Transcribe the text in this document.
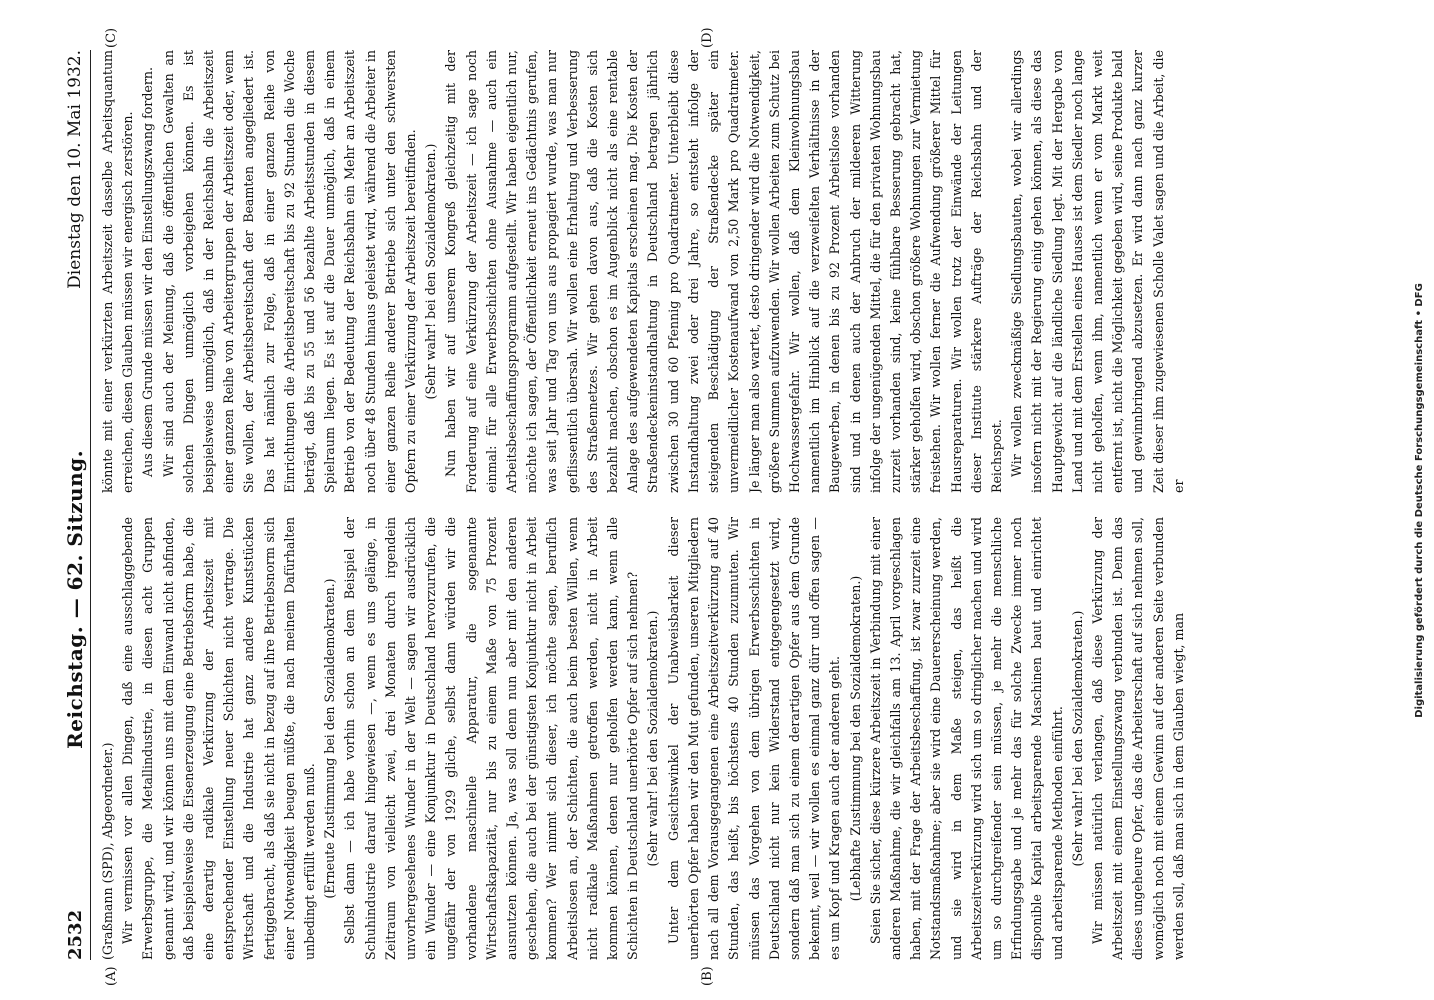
2532
Reichstag. — 62. Sitzung.
Dienstag den 10. Mai 1932.

(Graßmann (SPD), Abgeordneter.) Wir vermissen vor allen Dingen, daß eine ausschlaggebende Erwerbsgruppe, die Metallindustrie, in diesen acht Gruppen genannt wird, und wir können uns mit dem Einwand nicht abfinden, daß beispielsweise die Eisenerzeugung eine Betriebsform habe, die eine derartig radikale Verkürzung der Arbeitszeit mit entsprechender Einstellung neuer Schichten nicht vertrage. Die Wirtschaft und die Industrie hat ganz andere Kunststücken fertiggebracht, als daß sie nicht in bezug auf ihre Betriebsnorm sich einer Notwendigkeit beugen müßte, die nach meinem Dafürhalten unbedingt erfüllt werden muß. (Erneute Zustimmung bei den Sozialdemokraten.) Selbst dann — ich habe vorhin schon an dem Beispiel der Schuhindustrie darauf hingewiesen —, wenn es uns gelänge, in Zeitraum von vielleicht zwei, drei Monaten durch irgendein unvorhergesehenes Wunder in der Welt — sagen wir ausdrücklich ein Wunder — eine Konjunktur in Deutschland hervorzurufen, die ungefähr der von 1929 gliche, selbst dann würden wir die vorhandene maschinelle Apparatur, die sogenannte Wirtschaftskapazität, nur bis zu einem Maße von 75 Prozent ausnutzen können. Ja, was soll denn nun aber mit den anderen geschehen, die auch bei der günstigsten Konjunktur nicht in Arbeit kommen? Wer nimmt sich dieser, ich möchte sagen, beruflich Arbeitslosen an, der Schichten, die auch beim besten Willen, wenn nicht radikale Maßnahmen getroffen werden, nicht in Arbeit kommen können, denen nur geholfen werden kann, wenn alle Schichten in Deutschland unerhörte Opfer auf sich nehmen? (Sehr wahr! bei den Sozialdemokraten.) Unter dem Gesichtswinkel der Unabweisbarkeit dieser unerhörten Opfer haben wir den Mut gefunden, unseren Mitgliedern nach all dem Vorausgegangenen eine Arbeitszeitverkürzung auf 40 Stunden, das heißt, bis höchstens 40 Stunden zuzumuten. Wir müssen das Vorgehen von dem übrigen Erwerbsschichten in Deutschland nicht nur kein Widerstand entgegengesetzt wird, sondern daß man sich zu einem derartigen Opfer aus dem Grunde bekennt, weil — wir wollen es einmal ganz dürr und offen sagen — es um Kopf und Kragen auch der anderen geht. (Lebhafte Zustimmung bei den Sozialdemokraten.) Seien Sie sicher, diese kürzere Arbeitszeit in Verbindung mit einer anderen Maßnahme, die wir gleichfalls am 13. April vorgeschlagen haben, mit der Frage der Arbeitsbeschaffung, ist zwar zurzeit eine Notstandsmaßnahme; aber sie wird eine Dauererscheinung werden, und sie wird in dem Maße steigen, das heißt die Arbeitszeitverkürzung wird sich um so dringlicher machen und wird um so durchgreifender sein müssen, je mehr die menschliche Erfindungsgabe und je mehr das für solche Zwecke immer noch disponible Kapital arbeitsparende Maschinen baut und einrichtet und arbeitsparende Methoden einführt. (Sehr wahr! bei den Sozialdemokraten.) Wir müssen natürlich verlangen, daß diese Verkürzung der Arbeitszeit mit einem Einstellungszwang verbunden ist. Denn das dieses ungeheure Opfer, das die Arbeiterschaft auf sich nehmen soll, womöglich noch mit einem Gewinn auf der anderen Seite verbunden werden soll, daß man sich in dem Glauben wiegt, man

könnte mit einer verkürzten Arbeitszeit dasselbe Arbeitsquantum erreichen, diesen Glauben müssen wir energisch zerstören. Aus diesem Grunde müssen wir den Einstellungszwang fordern. Wir sind auch der Meinung, daß die öffentlichen Gewalten an solchen Dingen unmöglich vorbeigehen können. Es ist beispielsweise unmöglich, daß in der Reichsbahn die Arbeitszeit einer ganzen Reihe von Arbeitergruppen der Arbeitszeit oder, wenn Sie wollen, der Arbeitsbereitschaft der Beamten angegliedert ist. Das hat nämlich zur Folge, daß in einer ganzen Reihe von Einrichtungen die Arbeitsbereitschaft bis zu 92 Stunden die Woche beträgt, daß bis zu 55 und 56 bezahlte Arbeitsstunden in diesem Spielraum liegen. Es ist auf die Dauer unmöglich, daß in einem Betrieb von der Bedeutung der Reichsbahn ein Mehr an Arbeitszeit noch über 48 Stunden hinaus geleistet wird, während die Arbeiter in einer ganzen Reihe anderer Betriebe sich unter den schwersten Opfern zu einer Verkürzung der Arbeitszeit bereitfinden. (Sehr wahr! bei den Sozialdemokraten.) Nun haben wir auf unserem Kongreß gleichzeitig mit der Forderung auf eine Verkürzung der Arbeitszeit — ich sage noch einmal: für alle Erwerbsschichten ohne Ausnahme — auch ein Arbeitsbeschaffungsprogramm aufgestellt. Wir haben eigentlich nur, möchte ich sagen, der Öffentlichkeit erneut ins Gedächtnis gerufen, was seit Jahr und Tag von uns aus propagiert wurde, was man nur geflissentlich übersah. Wir wollen eine Erhaltung und Verbesserung des Straßennetzes. Wir gehen davon aus, daß die Kosten sich bezahlt machen, obschon es im Augenblick nicht als eine rentable Anlage des aufgewendeten Kapitals erscheinen mag. Die Kosten der Straßendeckeninstandhaltung in Deutschland betragen jährlich zwischen 30 und 60 Pfennig pro Quadratmeter. Unterbleibt diese Instandhaltung zwei oder drei Jahre, so entsteht infolge der steigenden Beschädigung der Straßendecke später ein unvermeidlicher Kostenaufwand von 2,50 Mark pro Quadratmeter. Je länger man also wartet, desto dringender wird die Notwendigkeit, größere Summen aufzuwenden. Wir wollen Arbeiten zum Schutz bei Hochwassergefahr. Wir wollen, daß dem Kleinwohnungsbau namentlich im Hinblick auf die verzweifelten Verhältnisse in der Baugewerben, in denen bis zu 92 Prozent Arbeitslose vorhanden sind und in denen auch der Anbruch der mildeeren Witterung infolge der ungenügenden Mittel, die für den privaten Wohnungsbau zurzeit vorhanden sind, keine fühlbare Besserung gebracht hat, stärker geholfen wird, obschon größere Wohnungen zur Vermietung freistehen. Wir wollen ferner die Aufwendung größerer Mittel für Hausreparaturen. Wir wollen trotz der Einwände der Leitungen dieser Institute stärkere Aufträge der Reichsbahn und der Reichspost. Wir wollen zweckmäßige Siedlungsbauten, wobei wir allerdings insofern nicht mit der Regierung einig gehen können, als diese das Hauptgewicht auf die ländliche Siedlung legt. Mit der Hergabe von Land und mit dem Erstellen eines Hauses ist dem Siedler noch lange nicht geholfen, wenn ihm, namentlich wenn er vom Markt weit entfernt ist, nicht die Möglichkeit gegeben wird, seine Produkte bald und gewinnbringend abzusetzen. Er wird dann nach ganz kurzer Zeit dieser ihm zugewiesenen Scholle Valet sagen und die Arbeit, die er

(A)	(B)
(C)	(D)
Digitalisierung gefördert durch die Deutsche Forschungsgemeinschaft • DFG
